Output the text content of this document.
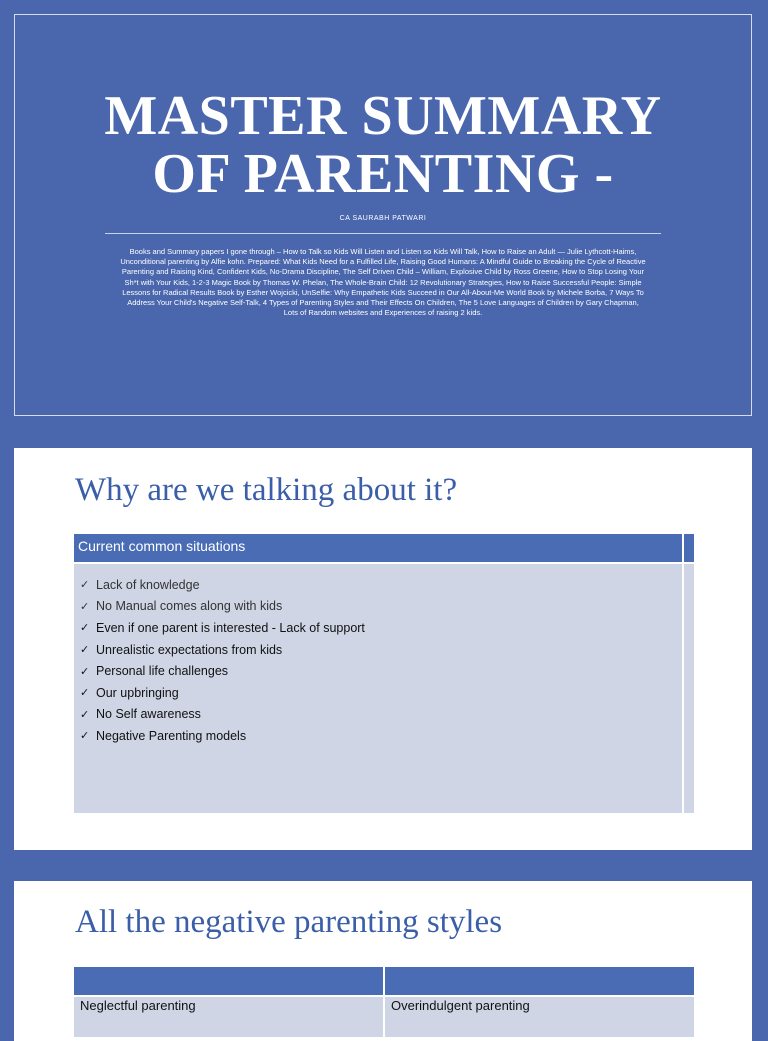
MASTER SUMMARY
OF PARENTING -
CA SAURABH PATWARI
Books and Summary papers I gone through – How to Talk so Kids Will Listen and Listen so Kids Will Talk, How to Raise an Adult — Julie Lythcott-Haims, Unconditional parenting by Alfie kohn. Prepared: What Kids Need for a Fulfilled Life, Raising Good Humans: A Mindful Guide to Breaking the Cycle of Reactive Parenting and Raising Kind, Confident Kids, No-Drama Discipline, The Self Driven Child – William, Explosive Child by Ross Greene, How to Stop Losing Your Sh*t with Your Kids, 1-2-3 Magic Book by Thomas W. Phelan, The Whole-Brain Child: 12 Revolutionary Strategies, How to Raise Successful People: Simple Lessons for Radical Results Book by Esther Wojcicki, UnSelfie: Why Empathetic Kids Succeed in Our All-About-Me World Book by Michele Borba, 7 Ways To Address Your Child's Negative Self-Talk, 4 Types of Parenting Styles and Their Effects On Children, The 5 Love Languages of Children by Gary Chapman, Lots of Random websites and Experiences of raising 2 kids.
Why are we talking about it?
Current common situations
✓ Lack of knowledge
✓ No Manual comes along with kids
✓ Even if one parent is interested - Lack of support
✓ Unrealistic expectations from kids
✓ Personal life challenges
✓ Our upbringing
✓ No Self awareness
✓ Negative Parenting models
All the negative parenting styles
Neglectful parenting	Overindulgent parenting
